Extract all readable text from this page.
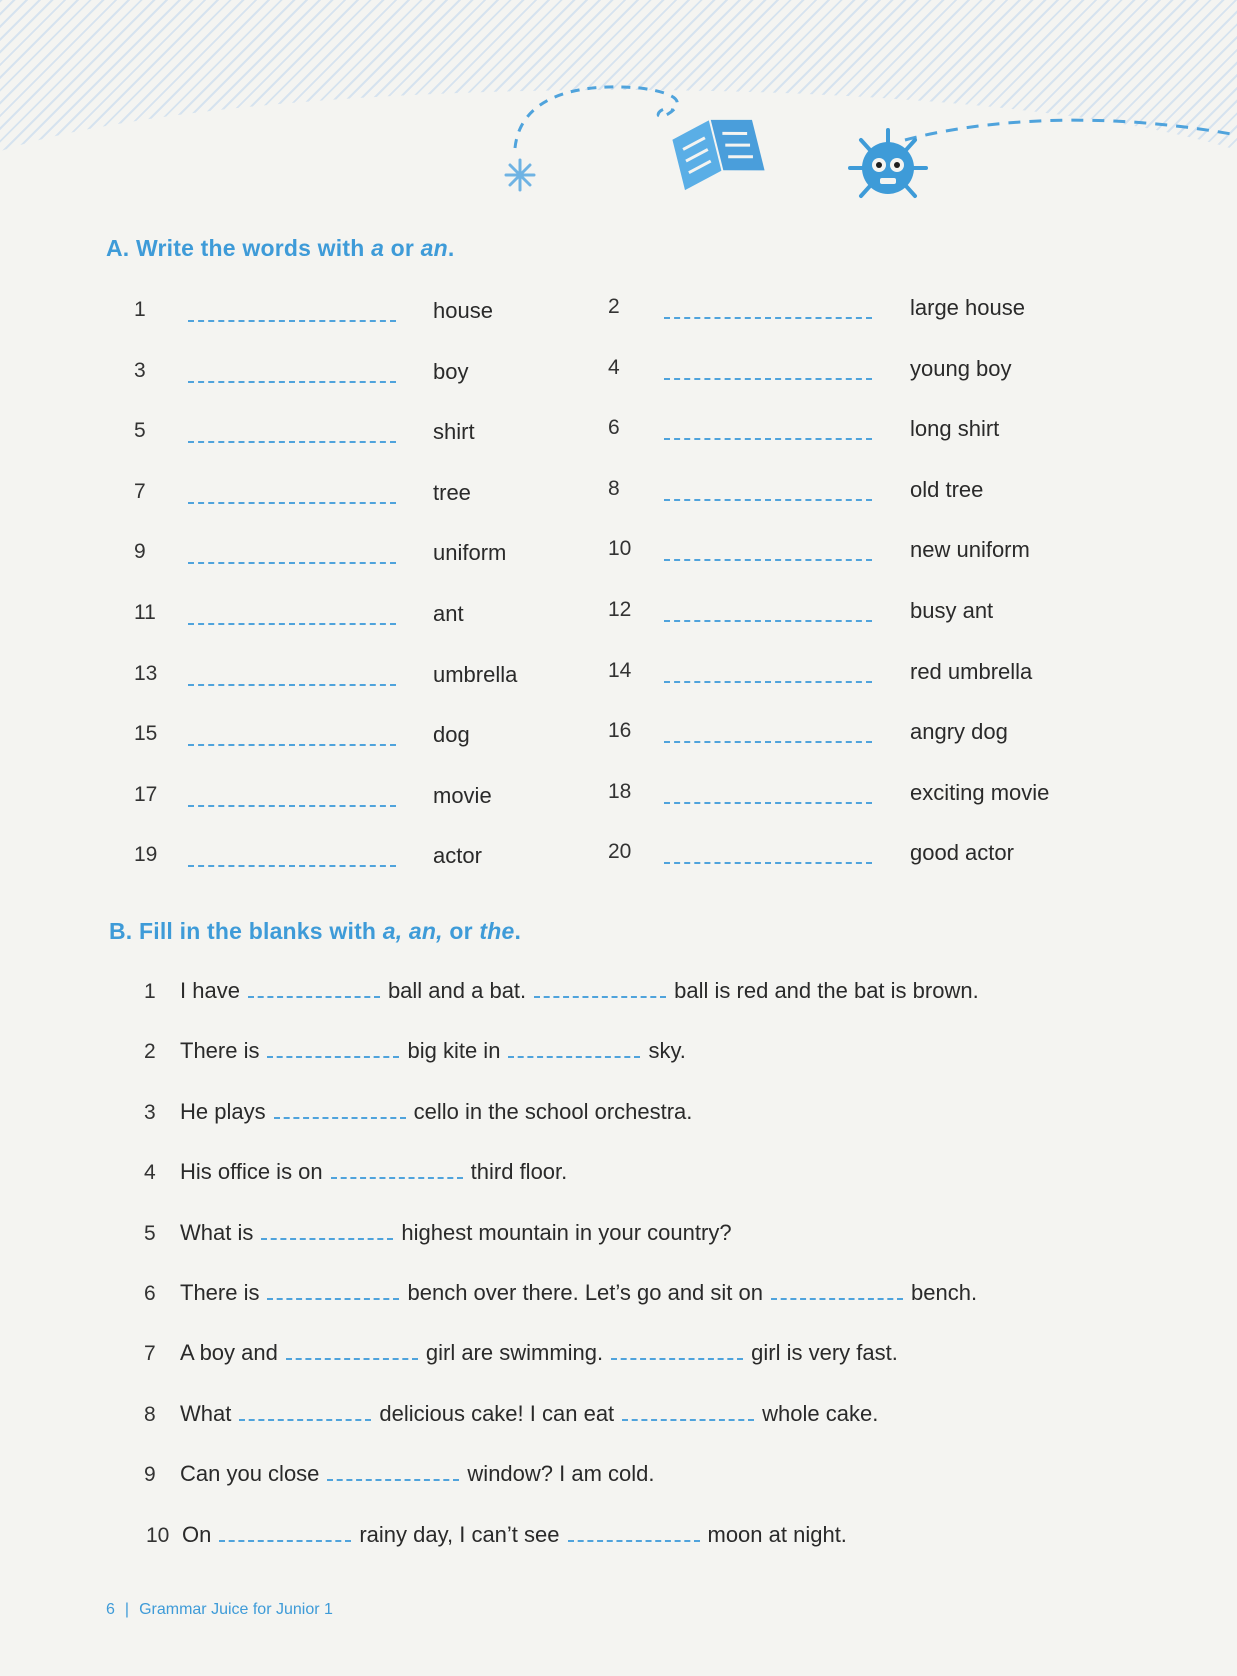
A. Write the words with a or an.
1	house	2	large house
3	boy	4	young boy
5	shirt	6	long shirt
7	tree	8	old tree
9	uniform	10	new uniform
11	ant	12	busy ant
13	umbrella	14	red umbrella
15	dog	16	angry dog
17	movie	18	exciting movie
19	actor	20	good actor
B. Fill in the blanks with a, an, or the.
1 I have	ball and a bat.	ball is red and the bat is brown.
2 There is	big kite in	sky.
3 He plays	cello in the school orchestra.
4 His office is on	third floor.
5 What is	highest mountain in your country?
6 There is	bench over there. Let’s go and sit on	bench.
7 A boy and	girl are swimming.	girl is very fast.
8 What	delicious cake! I can eat	whole cake.
9 Can you close	window? I am cold.
10 On	rainy day, I can’t see	moon at night.
6 | Grammar Juice for Junior 1
